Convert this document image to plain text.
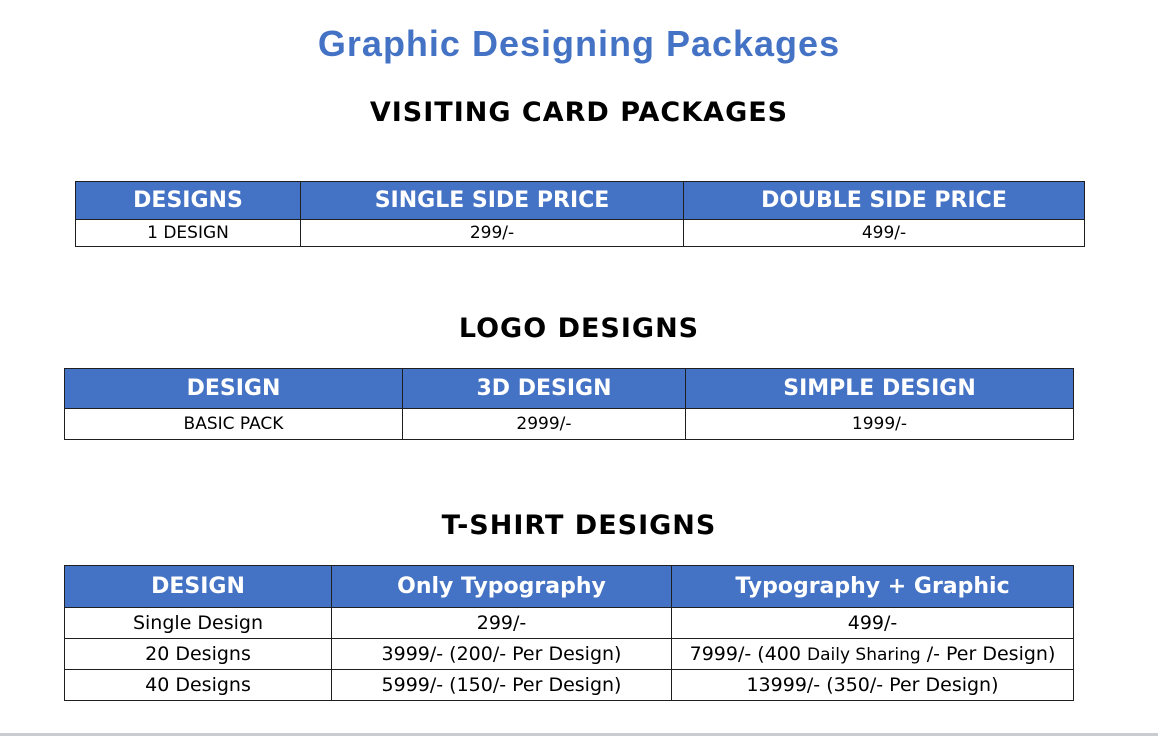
Graphic Designing Packages
VISITING CARD PACKAGES
DESIGNS	SINGLE SIDE PRICE	DOUBLE SIDE PRICE
1 DESIGN	299/-	499/-
LOGO DESIGNS
DESIGN	3D DESIGN	SIMPLE DESIGN
BASIC PACK	2999/-	1999/-
T-SHIRT DESIGNS
DESIGN	Only Typography	Typography + Graphic
Single Design	299/-	499/-
20 Designs	3999/- (200/- Per Design)	7999/- (400 Daily Sharing /- Per Design)
40 Designs	5999/- (150/- Per Design)	13999/- (350/- Per Design)
